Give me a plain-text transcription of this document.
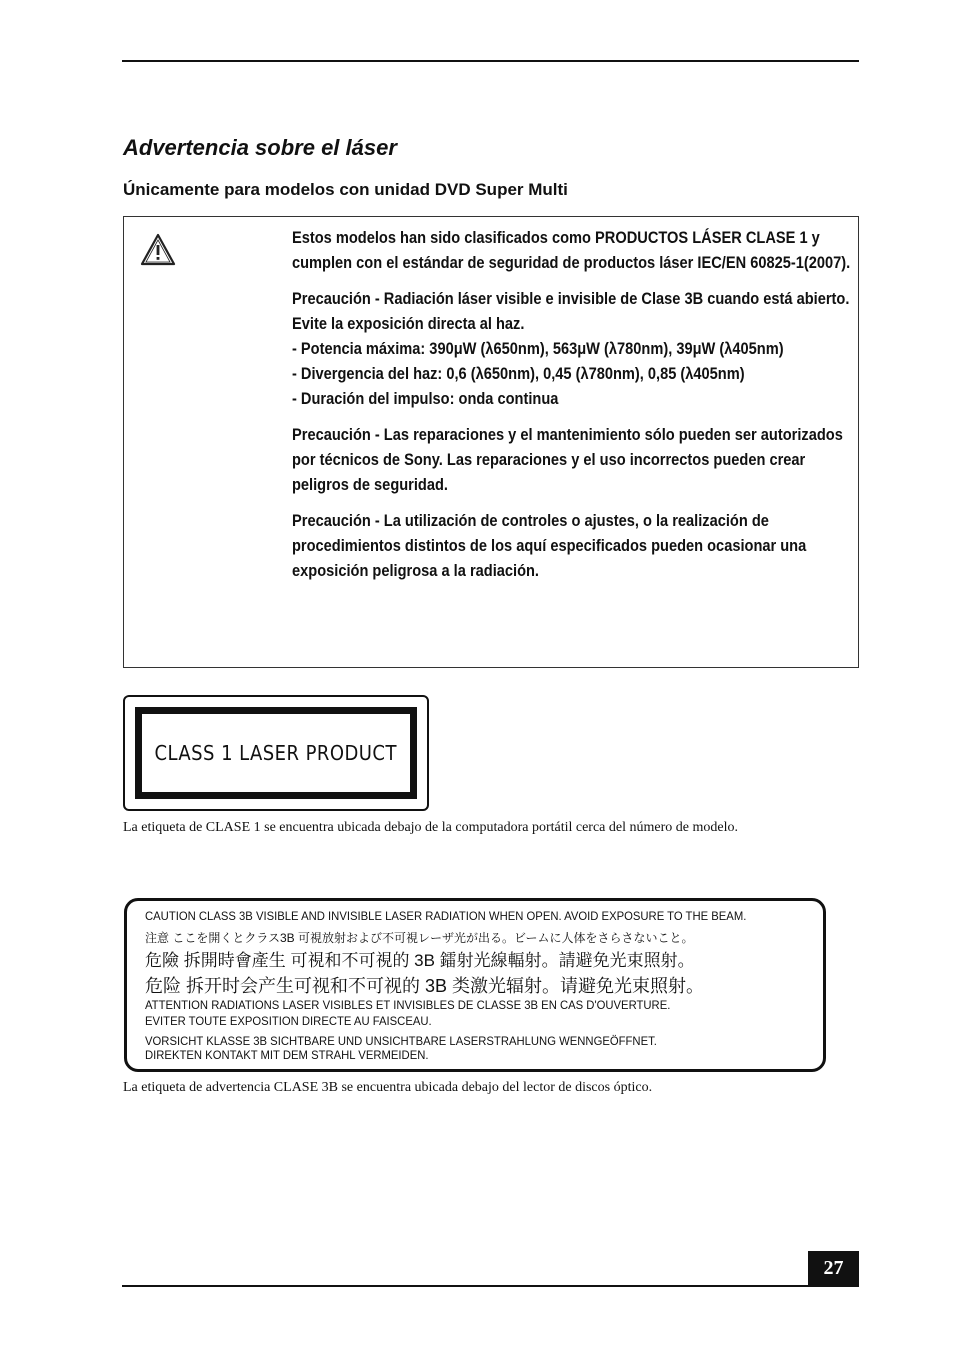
Advertencia sobre el láser
Únicamente para modelos con unidad DVD Super Multi

Estos modelos han sido clasificados como PRODUCTOS LÁSER CLASE 1 y cumplen con el estándar de seguridad de productos láser IEC/EN 60825-1(2007).

Precaución - Radiación láser visible e invisible de Clase 3B cuando está abierto. Evite la exposición directa al haz.
- Potencia máxima: 390μW (λ650nm), 563μW (λ780nm), 39μW (λ405nm)
- Divergencia del haz: 0,6 (λ650nm), 0,45 (λ780nm), 0,85 (λ405nm)
- Duración del impulso: onda continua

Precaución - Las reparaciones y el mantenimiento sólo pueden ser autorizados por técnicos de Sony. Las reparaciones y el uso incorrectos pueden crear peligros de seguridad.

Precaución - La utilización de controles o ajustes, o la realización de procedimientos distintos de los aquí especificados pueden ocasionar una exposición peligrosa a la radiación.

CLASS 1 LASER PRODUCT
La etiqueta de CLASE 1 se encuentra ubicada debajo de la computadora portátil cerca del número de modelo.
CAUTION CLASS 3B VISIBLE AND INVISIBLE LASER RADIATION WHEN OPEN. AVOID EXPOSURE TO THE BEAM.
注意 ここを開くとクラス3B 可視放射および不可視レーザ光が出る。ビームに人体をさらさないこと。
危險 拆開時會產生 可視和不可視的 3B 鐳射光線輻射。請避免光束照射。
危险 拆开时会产生可视和不可视的 3B 类激光辐射。请避免光束照射。
ATTENTION RADIATIONS LASER VISIBLES ET INVISIBLES DE CLASSE 3B EN CAS D'OUVERTURE.
EVITER TOUTE EXPOSITION DIRECTE AU FAISCEAU.
VORSICHT KLASSE 3B SICHTBARE UND UNSICHTBARE LASERSTRAHLUNG WENNGEÖFFNET.
DIREKTEN KONTAKT MIT DEM STRAHL VERMEIDEN.
La etiqueta de advertencia CLASE 3B se encuentra ubicada debajo del lector de discos óptico.
27
